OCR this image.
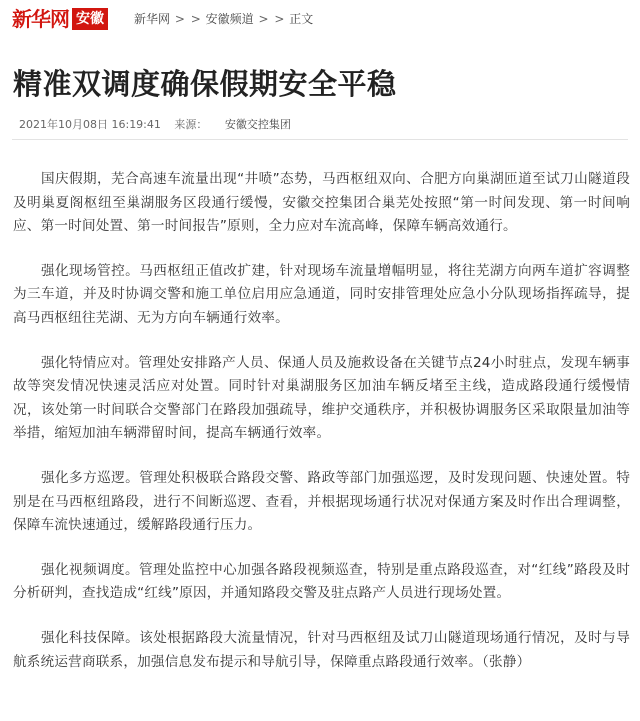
新华网 安徽	新华网 > > 安徽频道 > > 正文
精准双调度确保假期安全平稳
2021年10月08日 16:19:41 来源： 安徽交控集团

国庆假期，芜合高速车流量出现“井喷”态势，马西枢纽双向、合肥方向巢湖匝道至试刀山隧道段及明巢夏阁枢纽至巢湖服务区段通行缓慢，安徽交控集团合巢芜处按照“第一时间发现、第一时间响应、第一时间处置、第一时间报告”原则，全力应对车流高峰，保障车辆高效通行。

强化现场管控。马西枢纽正值改扩建，针对现场车流量增幅明显，将往芜湖方向两车道扩容调整为三车道，并及时协调交警和施工单位启用应急通道，同时安排管理处应急小分队现场指挥疏导，提高马西枢纽往芜湖、无为方向车辆通行效率。

强化特情应对。管理处安排路产人员、保通人员及施救设备在关键节点24小时驻点，发现车辆事故等突发情况快速灵活应对处置。同时针对巢湖服务区加油车辆反堵至主线，造成路段通行缓慢情况，该处第一时间联合交警部门在路段加强疏导，维护交通秩序，并积极协调服务区采取限量加油等举措，缩短加油车辆滞留时间，提高车辆通行效率。

强化多方巡逻。管理处积极联合路段交警、路政等部门加强巡逻，及时发现问题、快速处置。特别是在马西枢纽路段，进行不间断巡逻、查看，并根据现场通行状况对保通方案及时作出合理调整，保障车流快速通过，缓解路段通行压力。

强化视频调度。管理处监控中心加强各路段视频巡查，特别是重点路段巡查，对“红线”路段及时分析研判，查找造成“红线”原因，并通知路段交警及驻点路产人员进行现场处置。

强化科技保障。该处根据路段大流量情况，针对马西枢纽及试刀山隧道现场通行情况，及时与导航系统运营商联系，加强信息发布提示和导航引导，保障重点路段通行效率。（张静）
